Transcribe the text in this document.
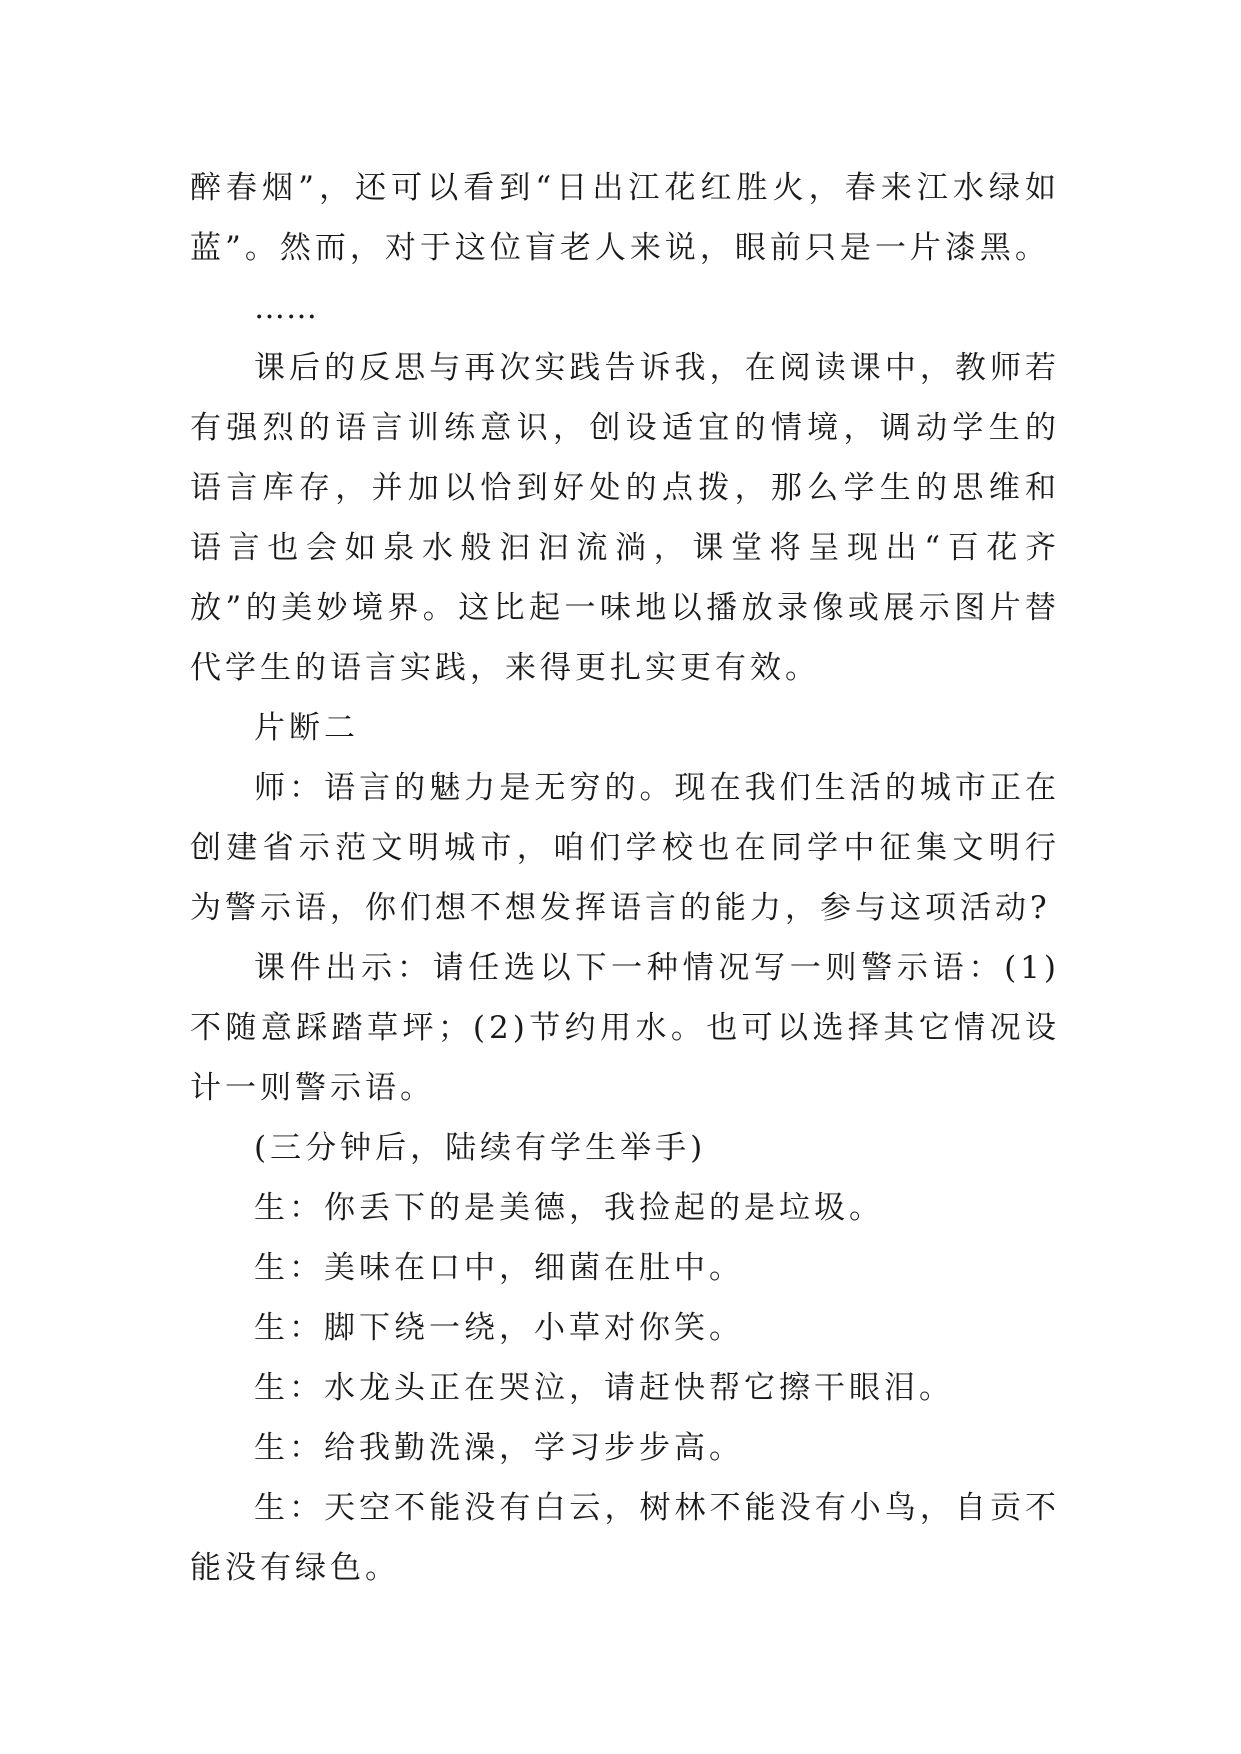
醉春烟”，还可以看到“日出江花红胜火，春来江水绿如蓝”。然而，对于这位盲老人来说，眼前只是一片漆黑。

……

课后的反思与再次实践告诉我，在阅读课中，教师若有强烈的语言训练意识，创设适宜的情境，调动学生的语言库存，并加以恰到好处的点拨，那么学生的思维和语言也会如泉水般汩汩流淌，课堂将呈现出“百花齐放”的美妙境界。这比起一味地以播放录像或展示图片替代学生的语言实践，来得更扎实更有效。

片断二

师：语言的魅力是无穷的。现在我们生活的城市正在创建省示范文明城市，咱们学校也在同学中征集文明行为警示语，你们想不想发挥语言的能力，参与这项活动?

课件出示：请任选以下一种情况写一则警示语：(1)不随意踩踏草坪；(2)节约用水。也可以选择其它情况设计一则警示语。

(三分钟后，陆续有学生举手)

生：你丢下的是美德，我捡起的是垃圾。

生：美味在口中，细菌在肚中。

生：脚下绕一绕，小草对你笑。

生：水龙头正在哭泣，请赶快帮它擦干眼泪。

生：给我勤洗澡，学习步步高。

生：天空不能没有白云，树林不能没有小鸟，自贡不能没有绿色。
